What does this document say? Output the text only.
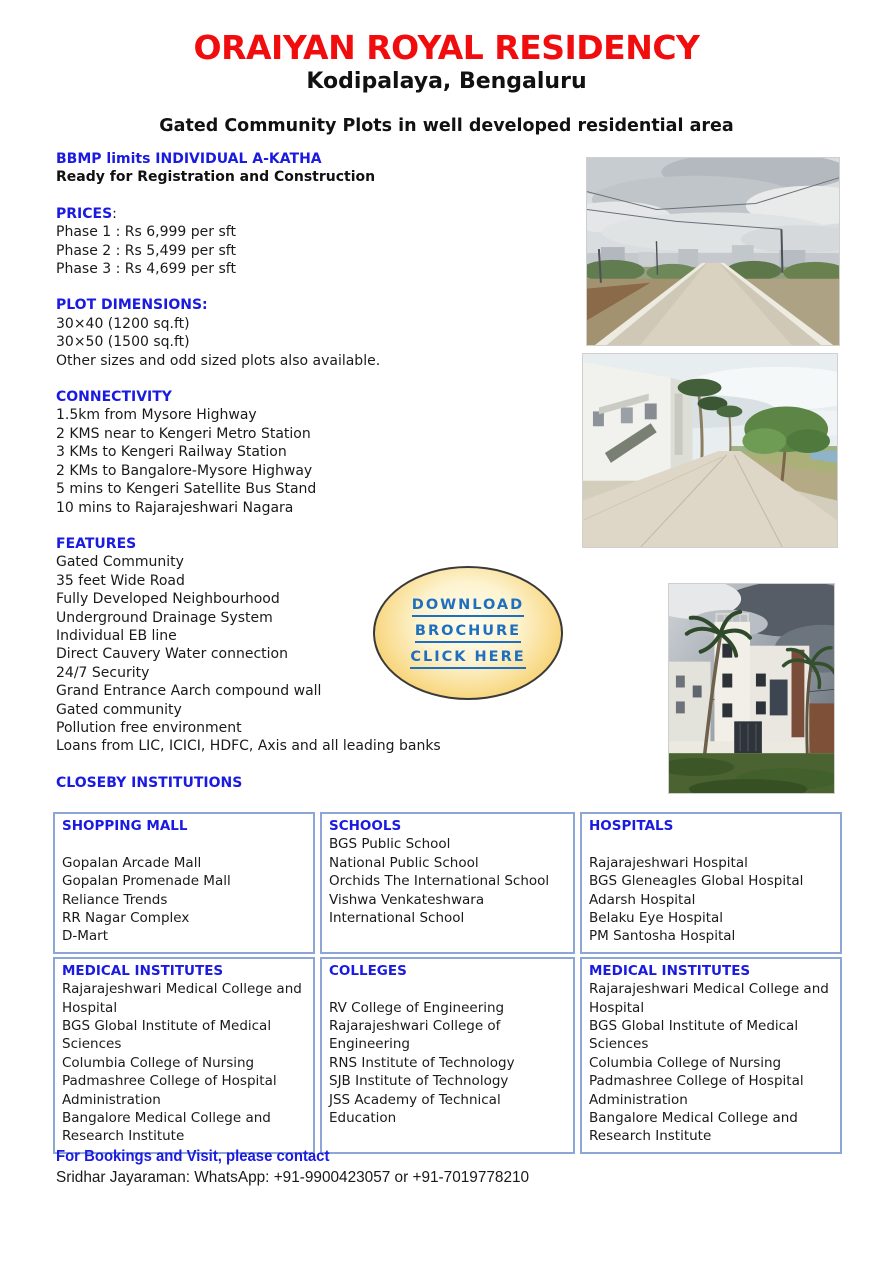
ORAIYAN ROYAL RESIDENCY
Kodipalaya, Bengaluru
Gated Community Plots in well developed residential area
BBMP limits INDIVIDUAL A-KATHA
Ready for Registration and Construction
PRICES:
Phase 1 : Rs 6,999 per sft
Phase 2 : Rs 5,499 per sft
Phase 3 : Rs 4,699 per sft
PLOT DIMENSIONS:
30×40 (1200 sq.ft)
30×50 (1500 sq.ft)
Other sizes and odd sized plots also available.
CONNECTIVITY
1.5km from Mysore Highway
2 KMS near to Kengeri Metro Station
3 KMs to Kengeri Railway Station
2 KMs to Bangalore-Mysore Highway
5 mins to Kengeri Satellite Bus Stand
10 mins to Rajarajeshwari Nagara
FEATURES
Gated Community
35 feet Wide Road
Fully Developed Neighbourhood
Underground Drainage System
Individual EB line
Direct Cauvery Water connection
24/7 Security
Grand Entrance Aarch compound wall
Gated community
Pollution free environment
Loans from LIC, ICICI, HDFC, Axis and all leading banks
CLOSEBY INSTITUTIONS
DOWNLOAD
BROCHURE
CLICK HERE
SHOPPING MALL
Gopalan Arcade Mall
Gopalan Promenade Mall
Reliance Trends
RR Nagar Complex
D-Mart
SCHOOLS
BGS Public School
National Public School
Orchids The International School
Vishwa Venkateshwara International School
HOSPITALS
Rajarajeshwari Hospital
BGS Gleneagles Global Hospital
Adarsh Hospital
Belaku Eye Hospital
PM Santosha Hospital
MEDICAL INSTITUTES
Rajarajeshwari Medical College and Hospital
BGS Global Institute of Medical Sciences
Columbia College of Nursing
Padmashree College of Hospital Administration
Bangalore Medical College and Research Institute
COLLEGES
RV College of Engineering
Rajarajeshwari College of Engineering
RNS Institute of Technology
SJB Institute of Technology
JSS Academy of Technical Education
MEDICAL INSTITUTES
Rajarajeshwari Medical College and Hospital
BGS Global Institute of Medical Sciences
Columbia College of Nursing
Padmashree College of Hospital Administration
Bangalore Medical College and Research Institute
For Bookings and Visit, please contact
Sridhar Jayaraman: WhatsApp: +91-9900423057 or +91-7019778210
